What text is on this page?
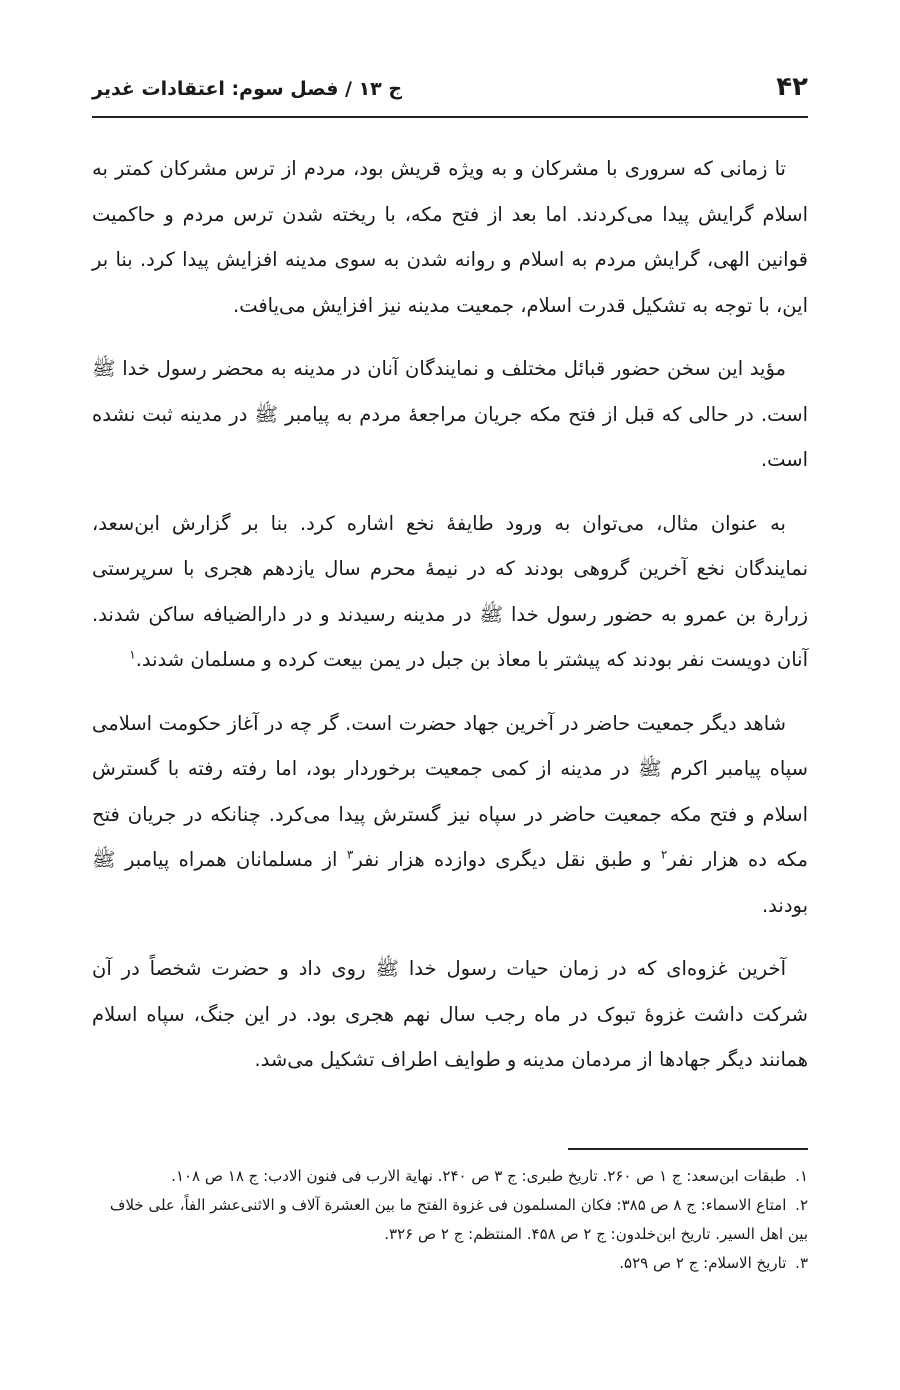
۴۲
ج ۱۳ / فصل سوم: اعتقادات غدیر

تا زمانی که سروری با مشرکان و به ویژه قریش بود، مردم از ترس مشرکان کمتر به اسلام گرایش پیدا می‌کردند. اما بعد از فتح مکه، با ریخته شدن ترس مردم و حاکمیت قوانین الهی، گرایش مردم به اسلام و روانه شدن به سوی مدینه افزایش پیدا کرد. بنا بر این، با توجه به تشکیل قدرت اسلام، جمعیت مدینه نیز افزایش می‌یافت.

مؤید این سخن حضور قبائل مختلف و نمایندگان آنان در مدینه به محضر رسول خدا ﷺ است. در حالی که قبل از فتح مکه جریان مراجعهٔ مردم به پیامبر ﷺ در مدینه ثبت نشده است.

به عنوان مثال، می‌توان به ورود طایفهٔ نخع اشاره کرد. بنا بر گزارش ابن‌سعد، نمایندگان نخع آخرین گروهی بودند که در نیمهٔ محرم سال یازدهم هجری با سرپرستی زرارة بن عمرو به حضور رسول خدا ﷺ در مدینه رسیدند و در دارالضیافه ساکن شدند. آنان دویست نفر بودند که پیشتر با معاذ بن جبل در یمن بیعت کرده و مسلمان شدند.$^۱$

شاهد دیگر جمعیت حاضر در آخرین جهاد حضرت است. گر چه در آغاز حکومت اسلامی سپاه پیامبر اکرم ﷺ در مدینه از کمی جمعیت برخوردار بود، اما رفته رفته با گسترش اسلام و فتح مکه جمعیت حاضر در سپاه نیز گسترش پیدا می‌کرد. چنانکه در جریان فتح مکه ده هزار نفر$^۲$ و طبق نقل دیگری دوازده هزار نفر$^۳$ از مسلمانان همراه پیامبر ﷺ بودند.

آخرین غزوه‌ای که در زمان حیات رسول خدا ﷺ روی داد و حضرت شخصاً در آن شرکت داشت غزوهٔ تبوک در ماه رجب سال نهم هجری بود. در این جنگ، سپاه اسلام همانند دیگر جهادها از مردمان مدینه و طوایف اطراف تشکیل می‌شد.

۱. طبقات ابن‌سعد: ج ۱ ص ۲۶۰. تاریخ طبری: ج ۳ ص ۲۴۰. نهایة الارب فی فنون الادب: ج ۱۸ ص ۱۰۸.

۲. امتاع الاسماء: ج ۸ ص ۳۸۵: فکان المسلمون فی غزوة الفتح ما بین العشرة آلاف و الاثنی‌عشر الفاً، علی خلاف بین اهل السیر. تاریخ ابن‌خلدون: ج ۲ ص ۴۵۸. المنتظم: ج ۲ ص ۳۲۶.

۳. تاریخ الاسلام: ج ۲ ص ۵۲۹.
